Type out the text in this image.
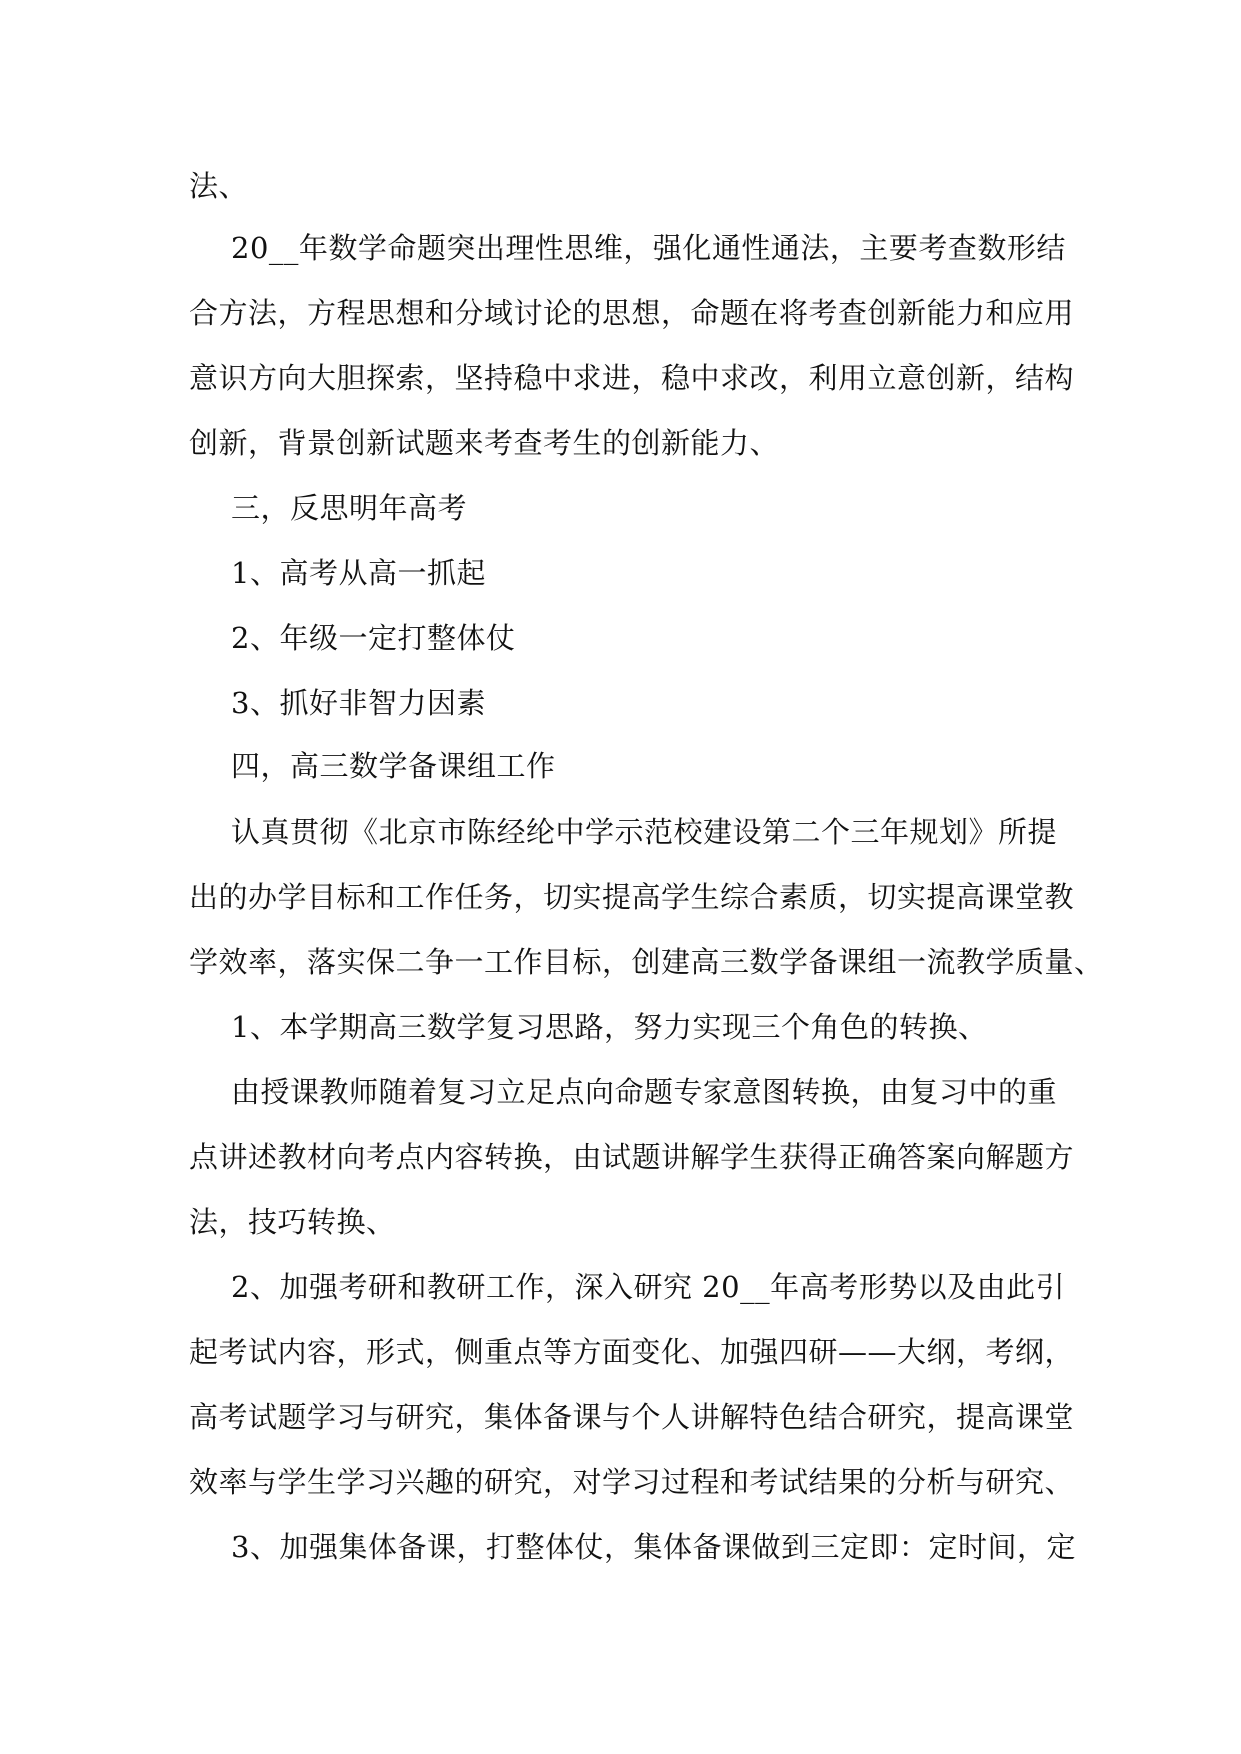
法、
20__年数学命题突出理性思维，强化通性通法，主要考查数形结
合方法，方程思想和分域讨论的思想，命题在将考查创新能力和应用
意识方向大胆探索，坚持稳中求进，稳中求改，利用立意创新，结构
创新，背景创新试题来考查考生的创新能力、
三，反思明年高考
1、高考从高一抓起
2、年级一定打整体仗
3、抓好非智力因素
四，高三数学备课组工作
认真贯彻《北京市陈经纶中学示范校建设第二个三年规划》所提
出的办学目标和工作任务，切实提高学生综合素质，切实提高课堂教
学效率，落实保二争一工作目标，创建高三数学备课组一流教学质量、
1、本学期高三数学复习思路，努力实现三个角色的转换、
由授课教师随着复习立足点向命题专家意图转换，由复习中的重
点讲述教材向考点内容转换，由试题讲解学生获得正确答案向解题方
法，技巧转换、
2、加强考研和教研工作，深入研究 20__年高考形势以及由此引
起考试内容，形式，侧重点等方面变化、加强四研——大纲，考纲，
高考试题学习与研究，集体备课与个人讲解特色结合研究，提高课堂
效率与学生学习兴趣的研究，对学习过程和考试结果的分析与研究、
3、加强集体备课，打整体仗，集体备课做到三定即：定时间，定
